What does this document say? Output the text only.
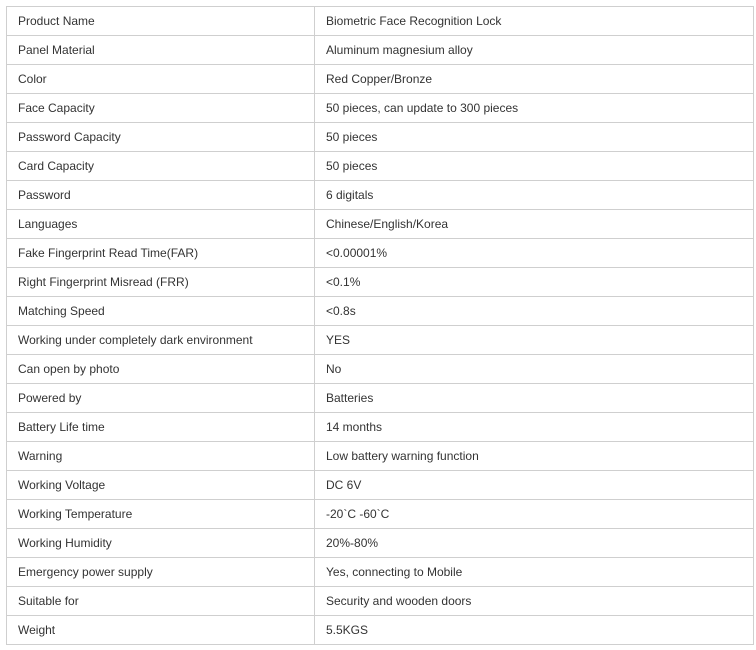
Product Name	Biometric Face Recognition Lock
Panel Material	Aluminum magnesium alloy
Color	Red Copper/Bronze
Face Capacity	50 pieces, can update to 300 pieces
Password Capacity	50 pieces
Card Capacity	50 pieces
Password	6 digitals
Languages	Chinese/English/Korea
Fake Fingerprint Read Time(FAR)	<0.00001%
Right Fingerprint Misread (FRR)	<0.1%
Matching Speed	<0.8s
Working under completely dark environment	YES
Can open by photo	No
Powered by	Batteries
Battery Life time	14 months
Warning	Low battery warning function
Working Voltage	DC 6V
Working Temperature	-20`C -60`C
Working Humidity	20%-80%
Emergency power supply	Yes, connecting to Mobile
Suitable for	Security and wooden doors
Weight	5.5KGS
